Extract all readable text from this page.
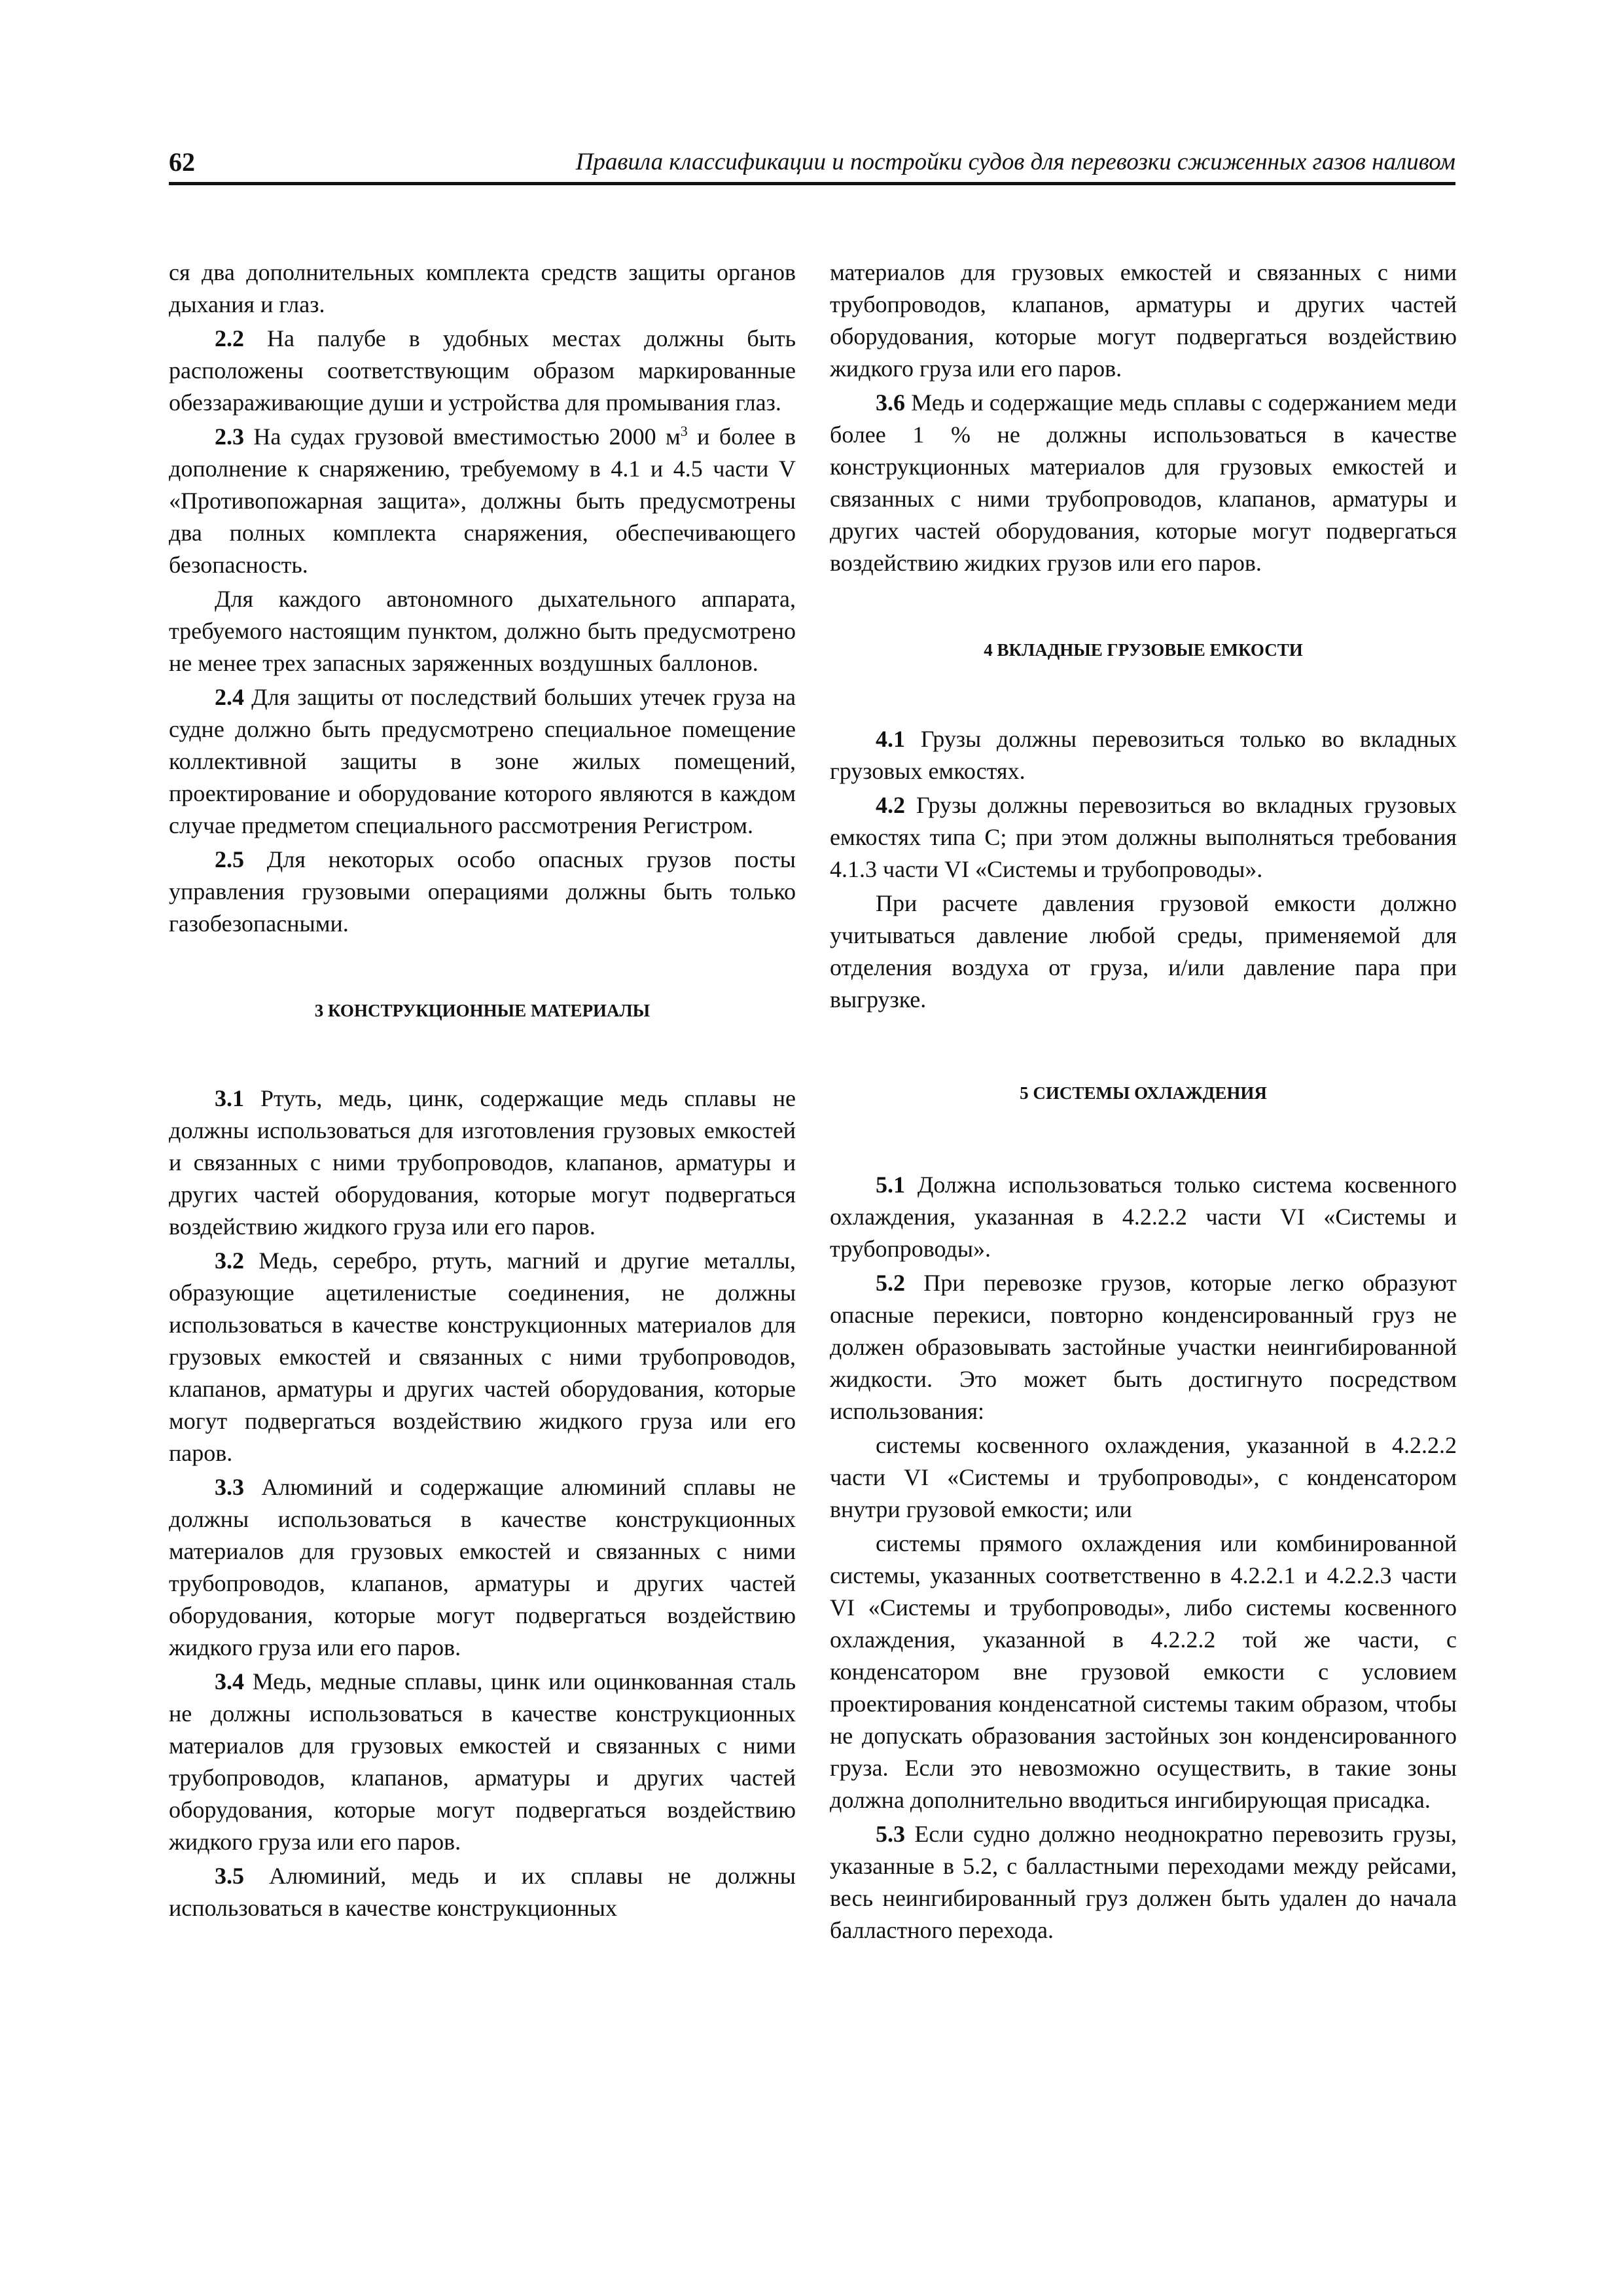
62	Правила классификации и постройки судов для перевозки сжиженных газов наливом

ся два дополнительных комплекта средств защиты органов дыхания и глаз.

2.2 На палубе в удобных местах должны быть расположены соответствующим образом маркированные обеззараживающие души и устройства для промывания глаз.

2.3 На судах грузовой вместимостью 2000 $м^3$ и более в дополнение к снаряжению, требуемому в 4.1 и 4.5 части V «Противопожарная защита», должны быть предусмотрены два полных комплекта снаряжения, обеспечивающего безопасность.

Для каждого автономного дыхательного аппарата, требуемого настоящим пунктом, должно быть предусмотрено не менее трех запасных заряженных воздушных баллонов.

2.4 Для защиты от последствий больших утечек груза на судне должно быть предусмотрено специальное помещение коллективной защиты в зоне жилых помещений, проектирование и оборудование которого являются в каждом случае предметом специального рассмотрения Регистром.

2.5 Для некоторых особо опасных грузов посты управления грузовыми операциями должны быть только газобезопасными.

3 КОНСТРУКЦИОННЫЕ МАТЕРИАЛЫ

3.1 Ртуть, медь, цинк, содержащие медь сплавы не должны использоваться для изготовления грузовых емкостей и связанных с ними трубопроводов, клапанов, арматуры и других частей оборудования, которые могут подвергаться воздействию жидкого груза или его паров.

3.2 Медь, серебро, ртуть, магний и другие металлы, образующие ацетиленистые соединения, не должны использоваться в качестве конструкционных материалов для грузовых емкостей и связанных с ними трубопроводов, клапанов, арматуры и других частей оборудования, которые могут подвергаться воздействию жидкого груза или его паров.

3.3 Алюминий и содержащие алюминий сплавы не должны использоваться в качестве конструкционных материалов для грузовых емкостей и связанных с ними трубопроводов, клапанов, арматуры и других частей оборудования, которые могут подвергаться воздействию жидкого груза или его паров.

3.4 Медь, медные сплавы, цинк или оцинкованная сталь не должны использоваться в качестве конструкционных материалов для грузовых емкостей и связанных с ними трубопроводов, клапанов, арматуры и других частей оборудования, которые могут подвергаться воздействию жидкого груза или его паров.

3.5 Алюминий, медь и их сплавы не должны использоваться в качестве конструкционных

материалов для грузовых емкостей и связанных с ними трубопроводов, клапанов, арматуры и других частей оборудования, которые могут подвергаться воздействию жидкого груза или его паров.

3.6 Медь и содержащие медь сплавы с содержанием меди более 1 % не должны использоваться в качестве конструкционных материалов для грузовых емкостей и связанных с ними трубопроводов, клапанов, арматуры и других частей оборудования, которые могут подвергаться воздействию жидких грузов или его паров.

4 ВКЛАДНЫЕ ГРУЗОВЫЕ ЕМКОСТИ

4.1 Грузы должны перевозиться только во вкладных грузовых емкостях.

4.2 Грузы должны перевозиться во вкладных грузовых емкостях типа С; при этом должны выполняться требования 4.1.3 части VI «Системы и трубопроводы».

При расчете давления грузовой емкости должно учитываться давление любой среды, применяемой для отделения воздуха от груза, и/или давление пара при выгрузке.

5 СИСТЕМЫ ОХЛАЖДЕНИЯ

5.1 Должна использоваться только система косвенного охлаждения, указанная в 4.2.2.2 части VI «Системы и трубопроводы».

5.2 При перевозке грузов, которые легко образуют опасные перекиси, повторно конденсированный груз не должен образовывать застойные участки неингибированной жидкости. Это может быть достигнуто посредством использования:

системы косвенного охлаждения, указанной в 4.2.2.2 части VI «Системы и трубопроводы», с конденсатором внутри грузовой емкости; или

системы прямого охлаждения или комбинированной системы, указанных соответственно в 4.2.2.1 и 4.2.2.3 части VI «Системы и трубопроводы», либо системы косвенного охлаждения, указанной в 4.2.2.2 той же части, с конденсатором вне грузовой емкости с условием проектирования конденсатной системы таким образом, чтобы не допускать образования застойных зон конденсированного груза. Если это невозможно осуществить, в такие зоны должна дополнительно вводиться ингибирующая присадка.

5.3 Если судно должно неоднократно перевозить грузы, указанные в 5.2, с балластными переходами между рейсами, весь неингибированный груз должен быть удален до начала балластного перехода.
